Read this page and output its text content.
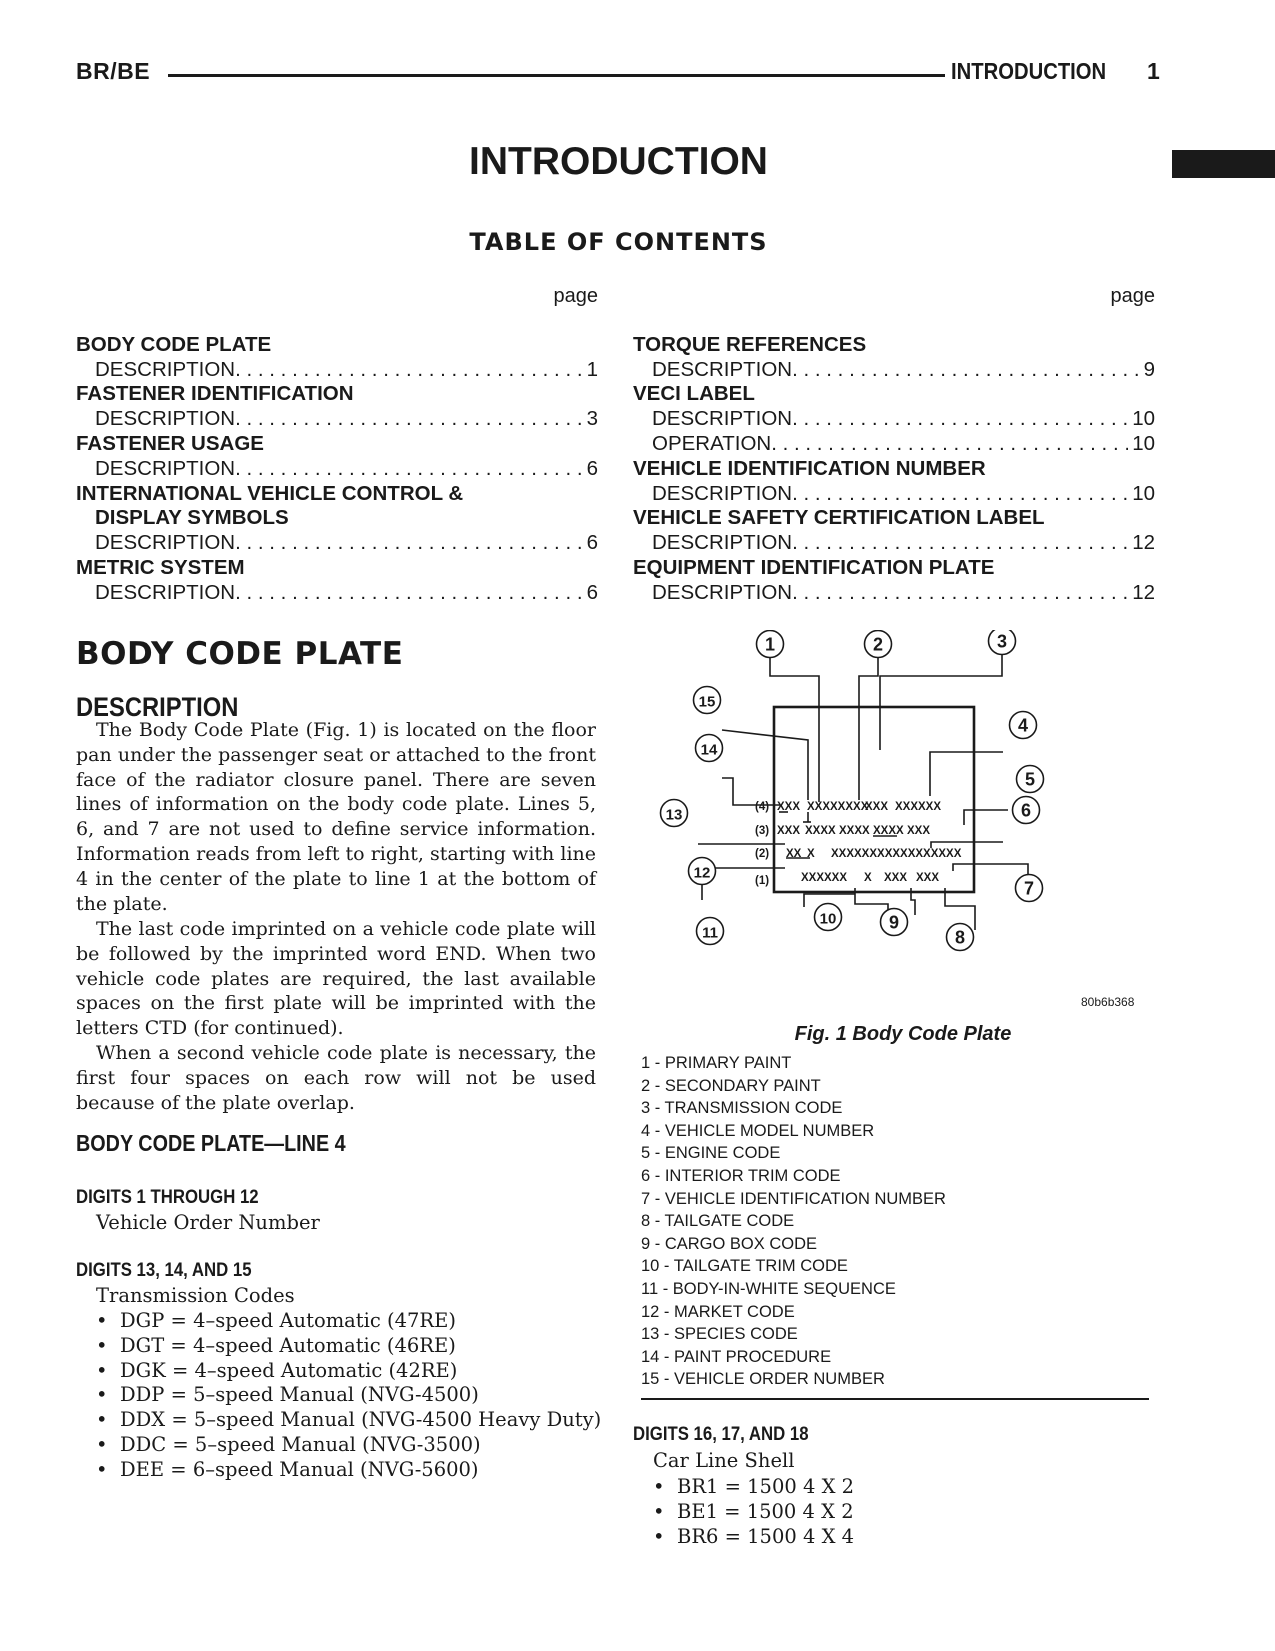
BR/BE	INTRODUCTION 1
INTRODUCTION
TABLE OF CONTENTS
page
BODY CODE PLATE
DESCRIPTION . . .	1
FASTENER IDENTIFICATION
DESCRIPTION . . .	3
FASTENER USAGE
DESCRIPTION . . .	6
INTERNATIONAL VEHICLE CONTROL &
DISPLAY SYMBOLS
DESCRIPTION . . .	6
METRIC SYSTEM
DESCRIPTION . . .	6
page
TORQUE REFERENCES
DESCRIPTION . . .	9
VECI LABEL
DESCRIPTION . . .	10
OPERATION . . .	10
VEHICLE IDENTIFICATION NUMBER
DESCRIPTION . . .	10
VEHICLE SAFETY CERTIFICATION LABEL
DESCRIPTION . . .	12
EQUIPMENT IDENTIFICATION PLATE
DESCRIPTION . . .	12
BODY CODE PLATE
DESCRIPTION
The Body Code Plate (Fig. 1) is located on the floor pan under the passenger seat or attached to the front face of the radiator closure panel. There are seven lines of information on the body code plate. Lines 5, 6, and 7 are not used to define service information. Information reads from left to right, starting with line 4 in the center of the plate to line 1 at the bottom of the plate.
The last code imprinted on a vehicle code plate will be followed by the imprinted word END. When two vehicle code plates are required, the last available spaces on the first plate will be imprinted with the letters CTD (for continued).
When a second vehicle code plate is necessary, the first four spaces on each row will not be used because of the plate overlap.
BODY CODE PLATE—LINE 4
DIGITS 1 THROUGH 12
Vehicle Order Number
DIGITS 13, 14, AND 15
Transmission Codes
• DGP = 4–speed Automatic (47RE)
• DGT = 4–speed Automatic (46RE)
• DGK = 4–speed Automatic (42RE)
• DDP = 5–speed Manual (NVG-4500)
• DDX = 5–speed Manual (NVG-4500 Heavy Duty)
• DDC = 5–speed Manual (NVG-3500)
• DEE = 6–speed Manual (NVG-5600)
(4) XXX XXXXXXXX
XXX XXXXXX
(3) XXX XXXX XXXX XXXX XXX
(2) XX X XXXXXXXXXXXXXXXXX
(1)	XXXXXX X XXX XXX
1	2	3
4
5
6
7
8
9
10
11
12
13
14
15
80b6b368
Fig. 1 Body Code Plate
1 - PRIMARY PAINT
2 - SECONDARY PAINT
3 - TRANSMISSION CODE
4 - VEHICLE MODEL NUMBER
5 - ENGINE CODE
6 - INTERIOR TRIM CODE
7 - VEHICLE IDENTIFICATION NUMBER
8 - TAILGATE CODE
9 - CARGO BOX CODE
10 - TAILGATE TRIM CODE
11 - BODY-IN-WHITE SEQUENCE
12 - MARKET CODE
13 - SPECIES CODE
14 - PAINT PROCEDURE
15 - VEHICLE ORDER NUMBER
DIGITS 16, 17, AND 18
Car Line Shell
• BR1 = 1500 4 X 2
• BE1 = 1500 4 X 2
• BR6 = 1500 4 X 4
